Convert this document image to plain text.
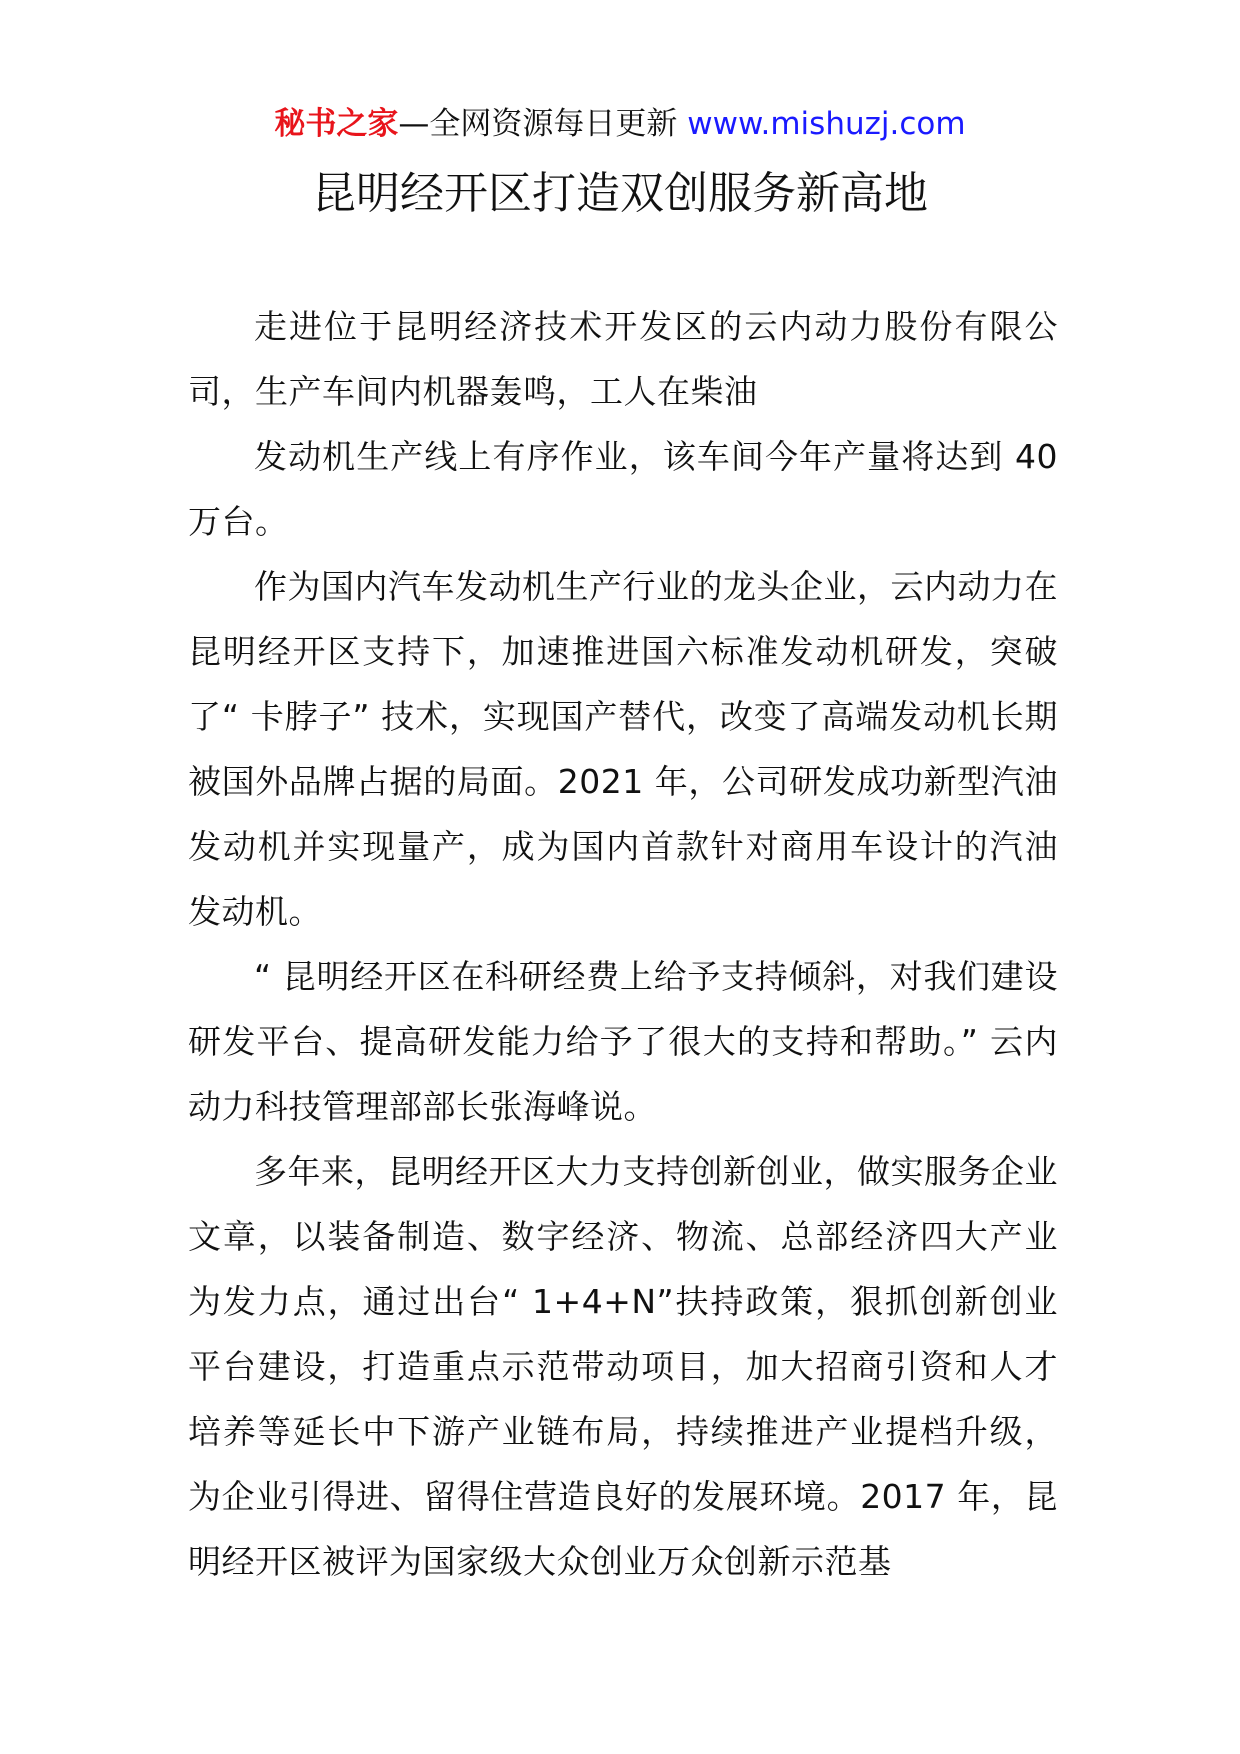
秘书之家—全网资源每日更新 www.mishuzj.com
昆明经开区打造双创服务新高地

走进位于昆明经济技术开发区的云内动力股份有限公司，生产车间内机器轰鸣，工人在柴油

发动机生产线上有序作业，该车间今年产量将达到 40 万台。

作为国内汽车发动机生产行业的龙头企业，云内动力在昆明经开区支持下，加速推进国六标准发动机研发，突破了“ 卡脖子” 技术，实现国产替代，改变了高端发动机长期被国外品牌占据的局面。2021 年，公司研发成功新型汽油发动机并实现量产，成为国内首款针对商用车设计的汽油发动机。

“ 昆明经开区在科研经费上给予支持倾斜，对我们建设研发平台、提高研发能力给予了很大的支持和帮助。” 云内动力科技管理部部长张海峰说。

多年来，昆明经开区大力支持创新创业，做实服务企业文章，以装备制造、数字经济、物流、总部经济四大产业为发力点，通过出台“ 1+4+N”扶持政策，狠抓创新创业平台建设，打造重点示范带动项目，加大招商引资和人才培养等延长中下游产业链布局，持续推进产业提档升级，为企业引得进、留得住营造良好的发展环境。2017 年，昆明经开区被评为国家级大众创业万众创新示范基
